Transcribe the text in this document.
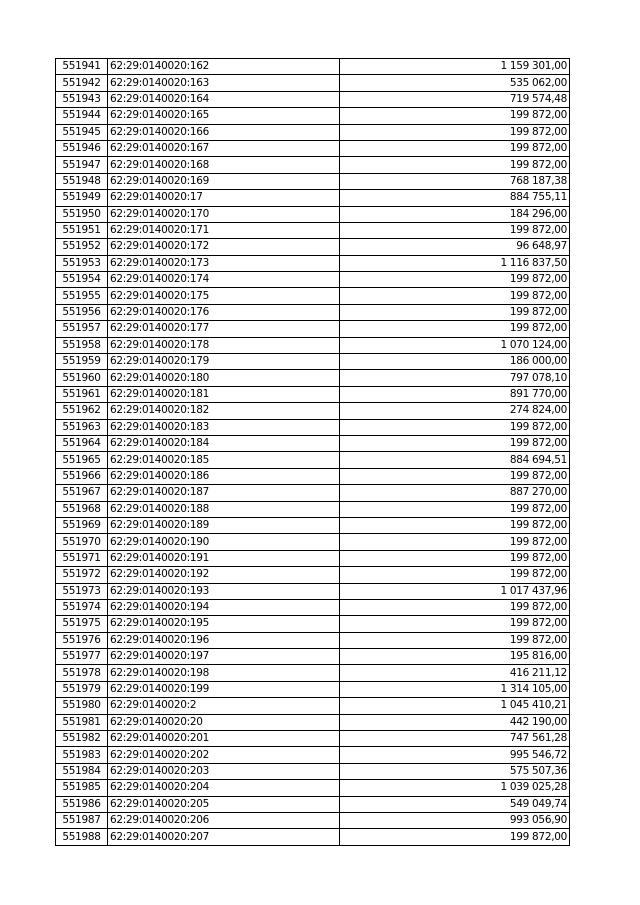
551941	62:29:0140020:162	1 159 301,00
551942	62:29:0140020:163	535 062,00
551943	62:29:0140020:164	719 574,48
551944	62:29:0140020:165	199 872,00
551945	62:29:0140020:166	199 872,00
551946	62:29:0140020:167	199 872,00
551947	62:29:0140020:168	199 872,00
551948	62:29:0140020:169	768 187,38
551949	62:29:0140020:17	884 755,11
551950	62:29:0140020:170	184 296,00
551951	62:29:0140020:171	199 872,00
551952	62:29:0140020:172	96 648,97
551953	62:29:0140020:173	1 116 837,50
551954	62:29:0140020:174	199 872,00
551955	62:29:0140020:175	199 872,00
551956	62:29:0140020:176	199 872,00
551957	62:29:0140020:177	199 872,00
551958	62:29:0140020:178	1 070 124,00
551959	62:29:0140020:179	186 000,00
551960	62:29:0140020:180	797 078,10
551961	62:29:0140020:181	891 770,00
551962	62:29:0140020:182	274 824,00
551963	62:29:0140020:183	199 872,00
551964	62:29:0140020:184	199 872,00
551965	62:29:0140020:185	884 694,51
551966	62:29:0140020:186	199 872,00
551967	62:29:0140020:187	887 270,00
551968	62:29:0140020:188	199 872,00
551969	62:29:0140020:189	199 872,00
551970	62:29:0140020:190	199 872,00
551971	62:29:0140020:191	199 872,00
551972	62:29:0140020:192	199 872,00
551973	62:29:0140020:193	1 017 437,96
551974	62:29:0140020:194	199 872,00
551975	62:29:0140020:195	199 872,00
551976	62:29:0140020:196	199 872,00
551977	62:29:0140020:197	195 816,00
551978	62:29:0140020:198	416 211,12
551979	62:29:0140020:199	1 314 105,00
551980	62:29:0140020:2	1 045 410,21
551981	62:29:0140020:20	442 190,00
551982	62:29:0140020:201	747 561,28
551983	62:29:0140020:202	995 546,72
551984	62:29:0140020:203	575 507,36
551985	62:29:0140020:204	1 039 025,28
551986	62:29:0140020:205	549 049,74
551987	62:29:0140020:206	993 056,90
551988	62:29:0140020:207	199 872,00
